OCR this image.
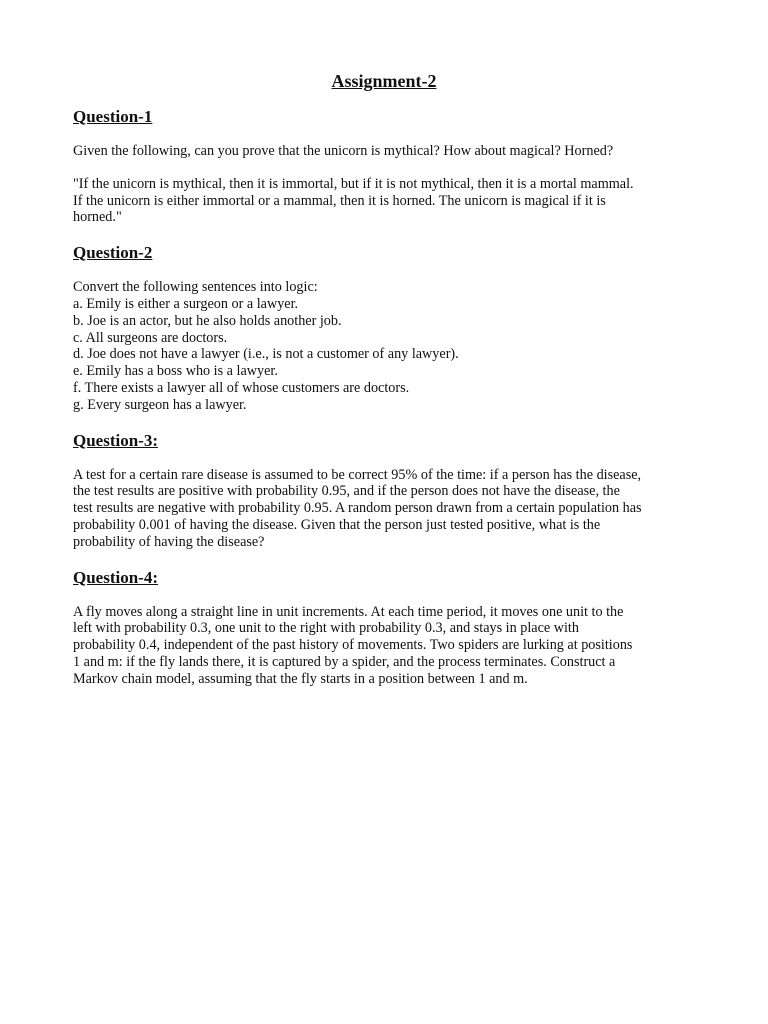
Assignment-2

Question-1

Given the following, can you prove that the unicorn is mythical? How about magical? Horned?

"If the unicorn is mythical, then it is immortal, but if it is not mythical, then it is a mortal mammal.

If the unicorn is either immortal or a mammal, then it is horned. The unicorn is magical if it is

horned."

Question-2

Convert the following sentences into logic:

a. Emily is either a surgeon or a lawyer.

b. Joe is an actor, but he also holds another job.

c. All surgeons are doctors.

d. Joe does not have a lawyer (i.e., is not a customer of any lawyer).

e. Emily has a boss who is a lawyer.

f. There exists a lawyer all of whose customers are doctors.

g. Every surgeon has a lawyer.

Question-3:

A test for a certain rare disease is assumed to be correct 95% of the time: if a person has the disease,

the test results are positive with probability 0.95, and if the person does not have the disease, the

test results are negative with probability 0.95. A random person drawn from a certain population has

probability 0.001 of having the disease. Given that the person just tested positive, what is the

probability of having the disease?

Question-4:

A fly moves along a straight line in unit increments. At each time period, it moves one unit to the

left with probability 0.3, one unit to the right with probability 0.3, and stays in place with

probability 0.4, independent of the past history of movements. Two spiders are lurking at positions

1 and m: if the fly lands there, it is captured by a spider, and the process terminates. Construct a

Markov chain model, assuming that the fly starts in a position between 1 and m.
